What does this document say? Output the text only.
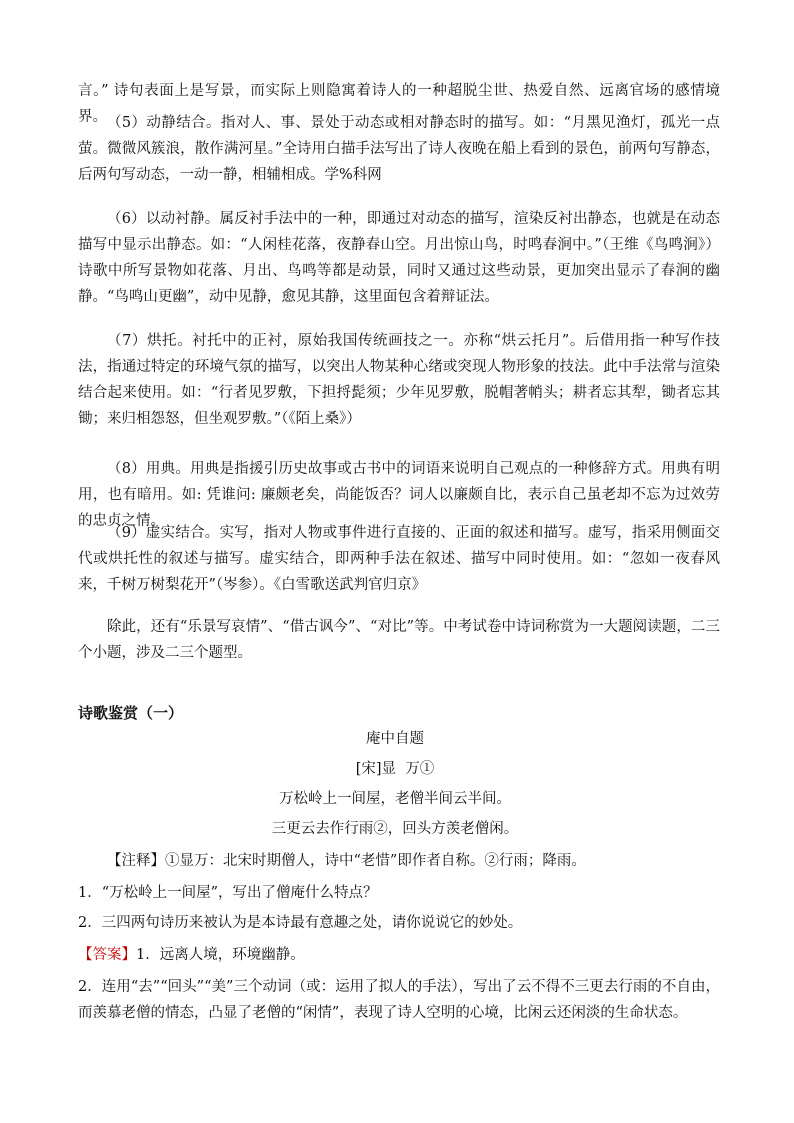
言。” 诗句表面上是写景，而实际上则隐寓着诗人的一种超脱尘世、热爱自然、远离官场的感情境界。 （5）动静结合。指对人、事、景处于动态或相对静态时的描写。如：“月黑见渔灯，孤光一点萤。微微风簇浪，散作满河星。”全诗用白描手法写出了诗人夜晚在船上看到的景色，前两句写静态，后两句写动态，一动一静，相辅相成。学%科网

（6）以动衬静。属反衬手法中的一种，即通过对动态的描写，渲染反衬出静态，也就是在动态描写中显示出静态。如：“人闲桂花落，夜静春山空。月出惊山鸟，时鸣春涧中。”（王维《鸟鸣涧》） 诗歌中所写景物如花落、月出、鸟鸣等都是动景，同时又通过这些动景，更加突出显示了春涧的幽静。“鸟鸣山更幽”，动中见静，愈见其静，这里面包含着辩证法。

（7）烘托。衬托中的正衬，原始我国传统画技之一。亦称“烘云托月”。后借用指一种写作技法，指通过特定的环境气氛的描写，以突出人物某种心绪或突现人物形象的技法。此中手法常与渲染结合起来使用。如：“行者见罗敷，下担捋髭须；少年见罗敷，脱帽著帩头；耕者忘其犁，锄者忘其锄；来归相怨怒，但坐观罗敷。”（《陌上桑》）

（8）用典。用典是指援引历史故事或古书中的词语来说明自己观点的一种修辞方式。用典有明用，也有暗用。如: 凭谁问: 廉颇老矣，尚能饭否？词人以廉颇自比，表示自己虽老却不忘为过效劳的忠贞之情。

（9）虚实结合。实写，指对人物或事件进行直接的、正面的叙述和描写。虚写，指采用侧面交代或烘托性的叙述与描写。虚实结合，即两种手法在叙述、描写中同时使用。如：“忽如一夜春风来，千树万树梨花开”（岑参）。《白雪歌送武判官归京》

除此，还有“乐景写哀情”、“借古讽今”、“对比”等。中考试卷中诗词称赏为一大题阅读题，二三个小题，涉及二三个题型。

诗歌鉴赏（一）

庵中自题

[宋]显  万①

万松岭上一间屋，老僧半间云半间。

三更云去作行雨②，回头方羡老僧闲。

【注释】①显万：北宋时期僧人，诗中“老惜”即作者自称。②行雨；降雨。

1．“万松岭上一间屋”，写出了僧庵什么特点？

2．三四两句诗历来被认为是本诗最有意趣之处，请你说说它的妙处。

【答案】1．远离人境，环境幽静。

2．连用“去”“回头”“美”三个动词（或：运用了拟人的手法），写出了云不得不三更去行雨的不自由，而羡慕老僧的情态，凸显了老僧的“闲情”，表现了诗人空明的心境，比闲云还闲淡的生命状态。
